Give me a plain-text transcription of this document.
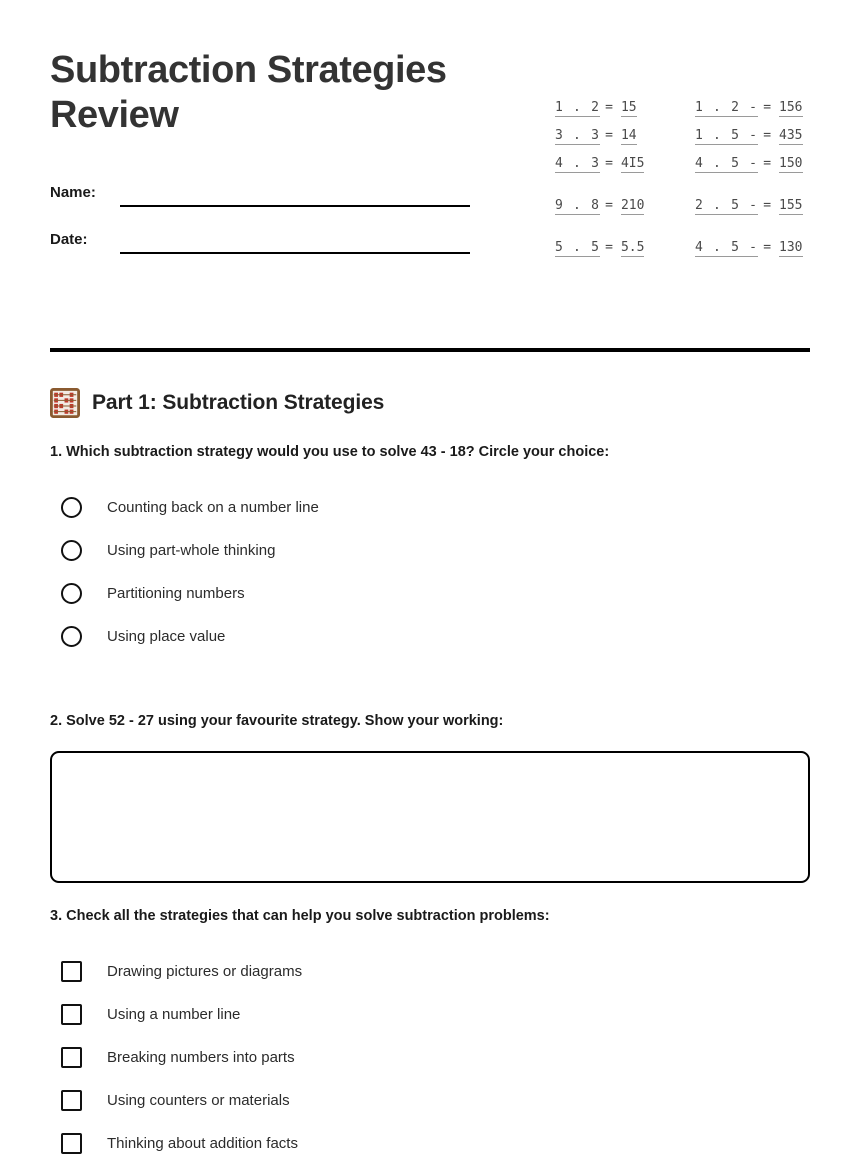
Subtraction Strategies Review
Name:
Date:
1 . 2 = 15	1 . 2 - = 156
3 . 3 = 14	1 . 5 - = 435
4 . 3 = 4I5	4 . 5 - = 150
9 . 8 = 210	2 . 5 - = 155
5 . 5 = 5.5	4 . 5 - = 130
Part 1: Subtraction Strategies

1. Which subtraction strategy would you use to solve 43 - 18? Circle your choice:

Counting back on a number line
Using part-whole thinking
Partitioning numbers
Using place value

2. Solve 52 - 27 using your favourite strategy. Show your working:

3. Check all the strategies that can help you solve subtraction problems:

Drawing pictures or diagrams
Using a number line
Breaking numbers into parts
Using counters or materials
Thinking about addition facts
